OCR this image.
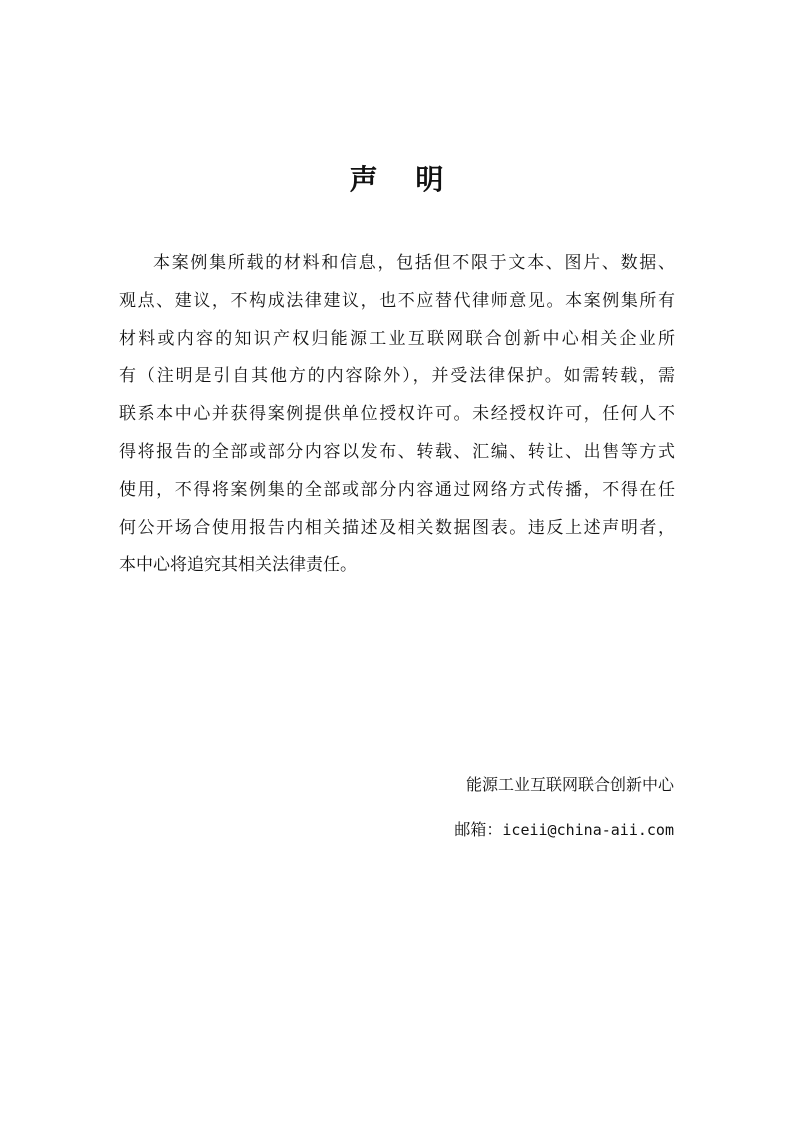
声 明

本案例集所载的材料和信息，包括但不限于文本、图片、数据、
观点、建议，不构成法律建议，也不应替代律师意见。本案例集所有
材料或内容的知识产权归能源工业互联网联合创新中心相关企业所
有（注明是引自其他方的内容除外），并受法律保护。如需转载，需
联系本中心并获得案例提供单位授权许可。未经授权许可，任何人不
得将报告的全部或部分内容以发布、转载、汇编、转让、出售等方式
使用，不得将案例集的全部或部分内容通过网络方式传播，不得在任
何公开场合使用报告内相关描述及相关数据图表。违反上述声明者，
本中心将追究其相关法律责任。

能源工业互联网联合创新中心
邮箱：iceii@china-aii.com
